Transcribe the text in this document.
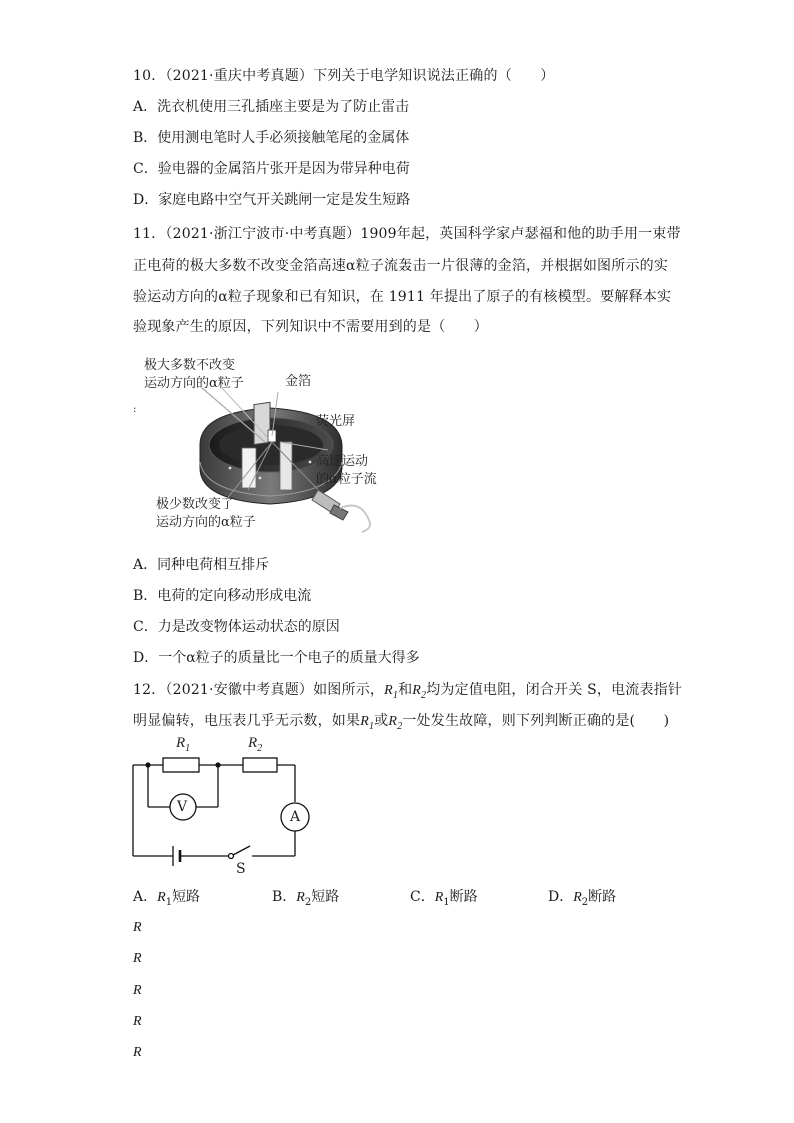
10．（2021·重庆中考真题）下列关于电学知识说法正确的（　　）
A．洗衣机使用三孔插座主要是为了防止雷击
B．使用测电笔时人手必须接触笔尾的金属体
C．验电器的金属箔片张开是因为带异种电荷
D．家庭电路中空气开关跳闸一定是发生短路
11．（2021·浙江宁波市·中考真题）1909年起，英国科学家卢瑟福和他的助手用一束带
正电荷的极大多数不改变金箔高速α粒子流轰击一片很薄的金箔，并根据如图所示的实
验运动方向的α粒子现象和已有知识，在 1911 年提出了原子的有核模型。要解释本实
验现象产生的原因，下列知识中不需要用到的是（　　）
极大多数不改变
运动方向的α粒子	金箔
荧光屏
高速运动
的α粒子流
极少数改变了
运动方向的α粒子
:
A．同种电荷相互排斥
B．电荷的定向移动形成电流
C．力是改变物体运动状态的原因
D．一个α粒子的质量比一个电子的质量大得多
12．（2021·安徽中考真题）如图所示，$R_1$和$R_2$均为定值电阻，闭合开关 S，电流表指针
明显偏转，电压表几乎无示数，如果$R_1$或$R_2$一处发生故障，则下列判断正确的是(　　)
$R_1$	$R_2$
V
A
S
A．$R_1$短路	B．$R_2$短路	C．$R_1$断路	D．$R_2$断路
R
R
R
R
R
